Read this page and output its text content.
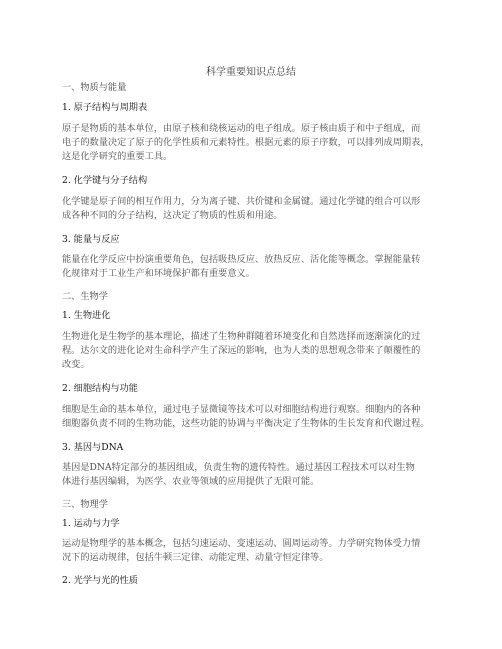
科学重要知识点总结
一、物质与能量
1. 原子结构与周期表
原子是物质的基本单位，由原子核和绕核运动的电子组成。原子核由质子和中子组成，而
电子的数量决定了原子的化学性质和元素特性。根据元素的原子序数，可以排列成周期表，
这是化学研究的重要工具。
2. 化学键与分子结构
化学键是原子间的相互作用力，分为离子键、共价键和金属键。通过化学键的组合可以形
成各种不同的分子结构，这决定了物质的性质和用途。
3. 能量与反应
能量在化学反应中扮演重要角色，包括吸热反应、放热反应、活化能等概念。掌握能量转
化规律对于工业生产和环境保护都有重要意义。
二、生物学
1. 生物进化
生物进化是生物学的基本理论，描述了生物种群随着环境变化和自然选择而逐渐演化的过
程。达尔文的进化论对生命科学产生了深远的影响，也为人类的思想观念带来了颠覆性的
改变。
2. 细胞结构与功能
细胞是生命的基本单位，通过电子显微镜等技术可以对细胞结构进行观察。细胞内的各种
细胞器负责不同的生物功能，这些功能的协调与平衡决定了生物体的生长发育和代谢过程。
3. 基因与DNA
基因是DNA特定部分的基因组成，负责生物的遗传特性。通过基因工程技术可以对生物
体进行基因编辑，为医学、农业等领域的应用提供了无限可能。
三、物理学
1. 运动与力学
运动是物理学的基本概念，包括匀速运动、变速运动、圆周运动等。力学研究物体受力情
况下的运动规律，包括牛顿三定律、动能定理、动量守恒定律等。
2. 光学与光的性质
